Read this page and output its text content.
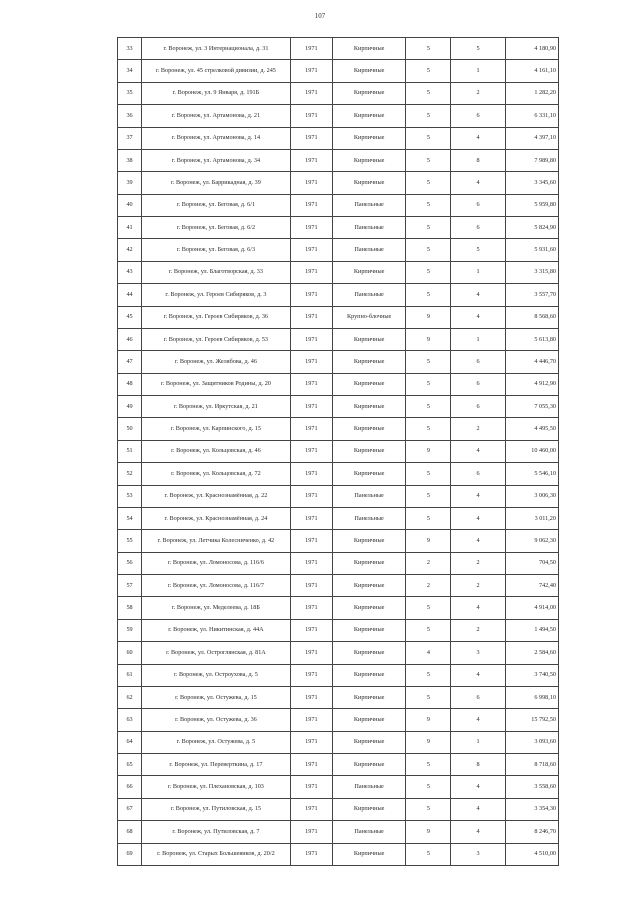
107
33	г. Воронеж, ул. 3 Интернационала, д. 31	1971	Кирпичные	5	5	4 180,90
34	г. Воронеж, ул. 45 стрелковой дивизии, д. 245	1971	Кирпичные	5	1	4 161,10
35	г. Воронеж, ул. 9 Января, д. 191Б	1971	Кирпичные	5	2	1 282,20
36	г. Воронеж, ул. Артамонова, д. 21	1971	Кирпичные	5	6	6 331,10
37	г. Воронеж, ул. Артамонова, д. 14	1971	Кирпичные	5	4	4 397,10
38	г. Воронеж, ул. Артамонова, д. 34	1971	Кирпичные	5	8	7 989,80
39	г. Воронеж, ул. Баррикадная, д. 39	1971	Кирпичные	5	4	3 345,60
40	г. Воронеж, ул. Беговая, д. 6/1	1971	Панельные	5	6	5 959,80
41	г. Воронеж, ул. Беговая, д. 6/2	1971	Панельные	5	6	5 824,90
42	г. Воронеж, ул. Беговая, д. 6/3	1971	Панельные	5	5	5 931,60
43	г. Воронеж, ул. Благотворская, д. 33	1971	Кирпичные	5	1	3 315,80
44	г. Воронеж, ул. Героев Сибиряков, д. 3	1971	Панельные	5	4	3 557,70
45	г. Воронеж, ул. Героев Сибиряков, д. 36	1971	Крупно-блочные	9	4	8 568,60
46	г. Воронеж, ул. Героев Сибиряков, д. 53	1971	Кирпичные	9	1	5 613,80
47	г. Воронеж, ул. Желябова, д. 46	1971	Кирпичные	5	6	4 446,70
48	г. Воронеж, ул. Защитников Родины, д. 20	1971	Кирпичные	5	6	4 912,90
49	г. Воронеж, ул. Иркутская, д. 21	1971	Кирпичные	5	6	7 055,30
50	г. Воронеж, ул. Карпинского, д. 15	1971	Кирпичные	5	2	4 495,50
51	г. Воронеж, ул. Кольцовская, д. 46	1971	Кирпичные	9	4	10 460,00
52	г. Воронеж, ул. Кольцовская, д. 72	1971	Кирпичные	5	6	5 546,10
53	г. Воронеж, ул. Краснознамённая, д. 22	1971	Панельные	5	4	3 006,30
54	г. Воронеж, ул. Краснознамённая, д. 24	1971	Панельные	5	4	3 011,20
55	г. Воронеж, ул. Летчика Колесниченко, д. 42	1971	Кирпичные	9	4	9 062,30
56	г. Воронеж, ул. Ломоносова, д. 116/6	1971	Кирпичные	2	2	704,50
57	г. Воронеж, ул. Ломоносова, д. 116/7	1971	Кирпичные	2	2	742,40
58	г. Воронеж, ул. Меделеева, д. 18Б	1971	Кирпичные	5	4	4 914,00
59	г. Воронеж, ул. Никитинская, д. 44А	1971	Кирпичные	5	2	1 494,50
60	г. Воронеж, ул. Остроглянская, д. 81А	1971	Кирпичные	4	3	2 584,60
61	г. Воронеж, ул. Остроухова, д. 5	1971	Кирпичные	5	4	3 740,50
62	г. Воронеж, ул. Остужева, д. 15	1971	Кирпичные	5	6	6 998,10
63	г. Воронеж, ул. Остужева, д. 36	1971	Кирпичные	9	4	15 792,50
64	г. Воронеж, ул. Остужева, д. 5	1971	Кирпичные	9	1	3 093,60
65	г. Воронеж, ул. Переверткина, д. 17	1971	Кирпичные	5	8	8 718,60
66	г. Воронеж, ул. Плехановская, д. 103	1971	Панельные	5	4	3 558,60
67	г. Воронеж, ул. Путиловская, д. 15	1971	Кирпичные	5	4	3 354,30
68	г. Воронеж, ул. Путиловская, д. 7	1971	Панельные	9	4	8 246,70
69	г. Воронеж, ул. Старых Большевиков, д. 20/2	1971	Кирпичные	5	3	4 510,00
